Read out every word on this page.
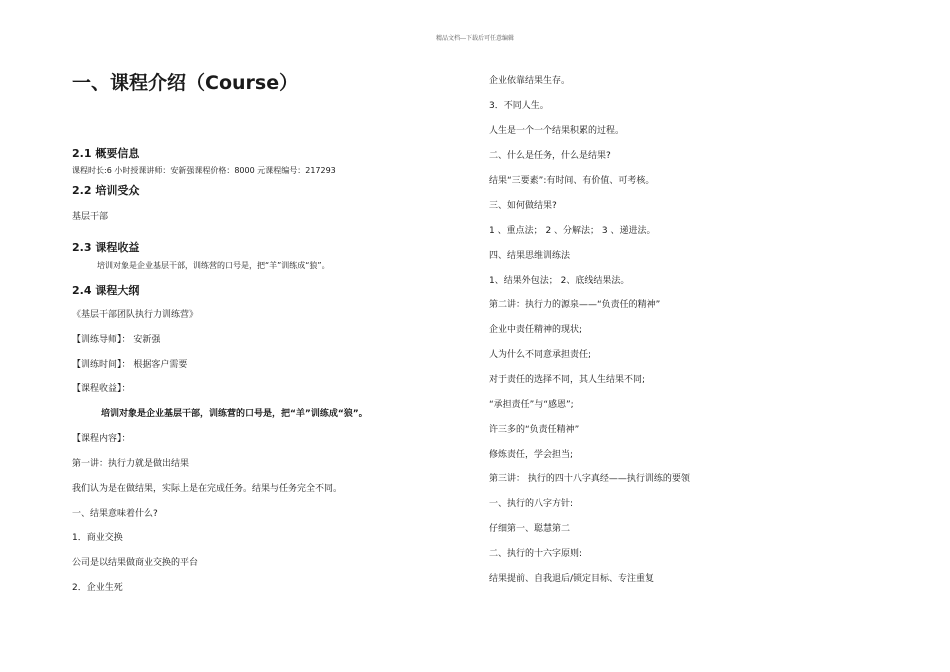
精品文档---下载后可任意编辑
一、课程介绍（Course）
2.1 概要信息
课程时长:6 小时授课讲师：安新强课程价格：8000 元课程编号：217293
2.2 培训受众
基层干部
2.3 课程收益
培训对象是企业基层干部，训练营的口号是，把“羊”训练成“狼”。
2.4 课程大纲
《基层干部团队执行力训练营》
【训练导师】： 安新强
【训练时间】： 根据客户需要
【课程收益】：
培训对象是企业基层干部，训练营的口号是，把“羊”训练成“狼”。
【课程内容】：
第一讲：执行力就是做出结果
我们认为是在做结果，实际上是在完成任务。结果与任务完全不同。
一、结果意味着什么?
1．商业交换
公司是以结果做商业交换的平台
2．企业生死
企业依靠结果生存。
3．不同人生。
人生是一个一个结果积累的过程。
二、什么是任务，什么是结果?
结果“三要素”:有时间、有价值、可考核。
三、如何做结果?
1 、重点法； 2 、分解法； 3 、递进法。
四、结果思维训练法
1、结果外包法； 2、底线结果法。
第二讲：执行力的源泉——“负责任的精神”
企业中责任精神的现状;
人为什么不同意承担责任;
对于责任的选择不同，其人生结果不同;
“承担责任”与“感恩”;
许三多的“负责任精神”
修炼责任，学会担当;
第三讲： 执行的四十八字真经——执行训练的要领
一、执行的八字方针:
仔细第一、聪慧第二
二、执行的十六字原则:
结果提前、自我退后/锁定目标、专注重复
